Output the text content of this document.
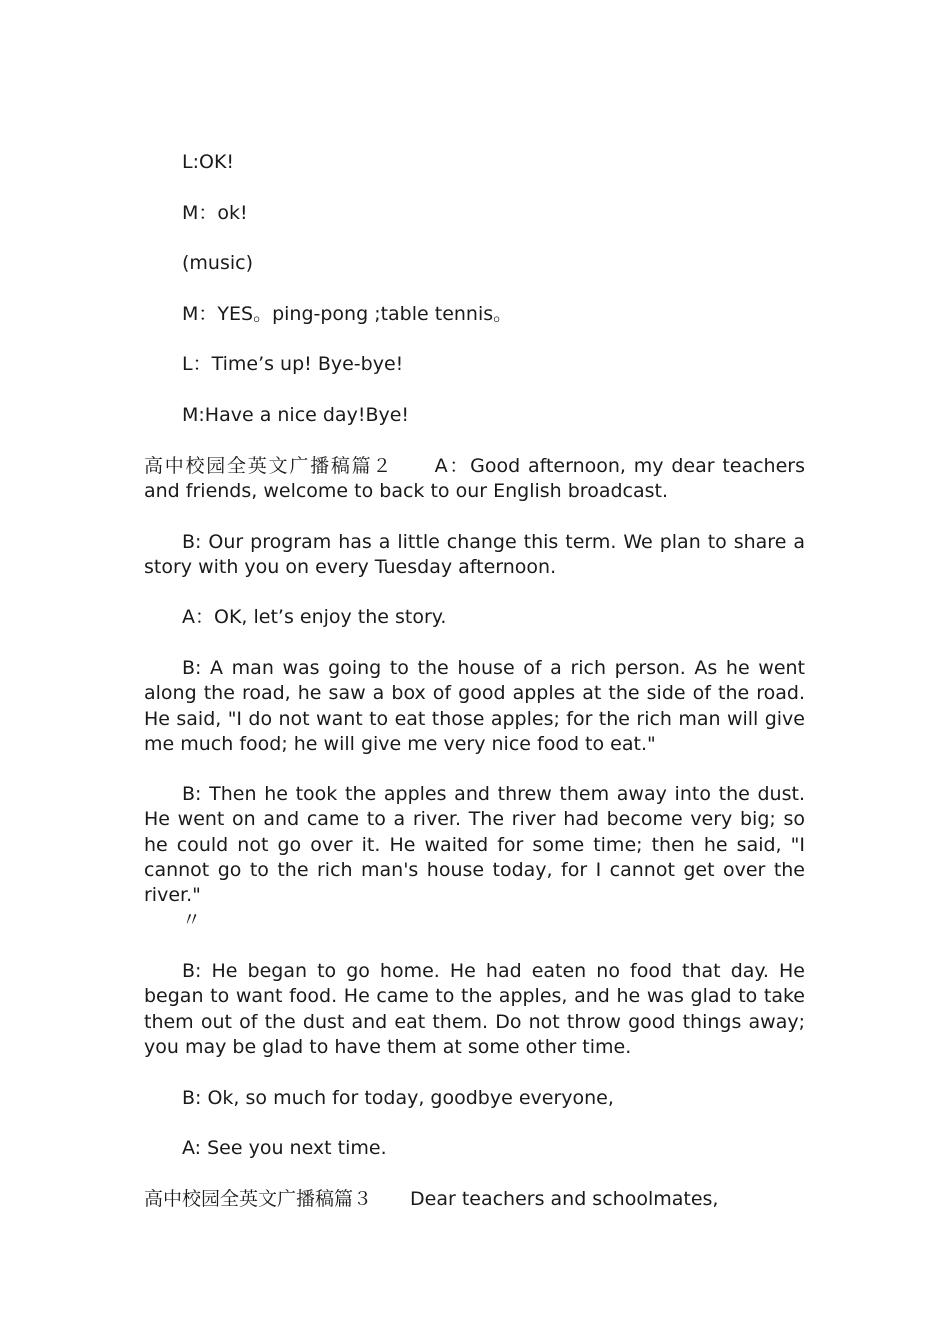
L:OK!

M：ok!

(music)

M：YES。ping-pong ;table tennis。

L：Time’s up! Bye-bye!

M:Have a nice day!Bye!

高中校园全英文广播稿篇２　　A：Good afternoon, my dear teachers and friends, welcome to back to our English broadcast.

B: Our program has a little change this term. We plan to share a story with you on every Tuesday afternoon.

A：OK, let’s enjoy the story.

B: A man was going to the house of a rich person. As he went along the road, he saw a box of good apples at the side of the road. He said, "I do not want to eat those apples; for the rich man will give me much food; he will give me very nice food to eat."

B: Then he took the apples and threw them away into the dust. He went on and came to a river. The river had become very big; so he could not go over it. He waited for some time; then he said, "I cannot go to the rich man's house today, for I cannot get over the river."

〃

B: He began to go home. He had eaten no food that day. He began to want food. He came to the apples, and he was glad to take them out of the dust and eat them. Do not throw good things away; you may be glad to have them at some other time.

B: Ok, so much for today, goodbye everyone,

A: See you next time.

高中校园全英文广播稿篇３　　Dear teachers and schoolmates,
